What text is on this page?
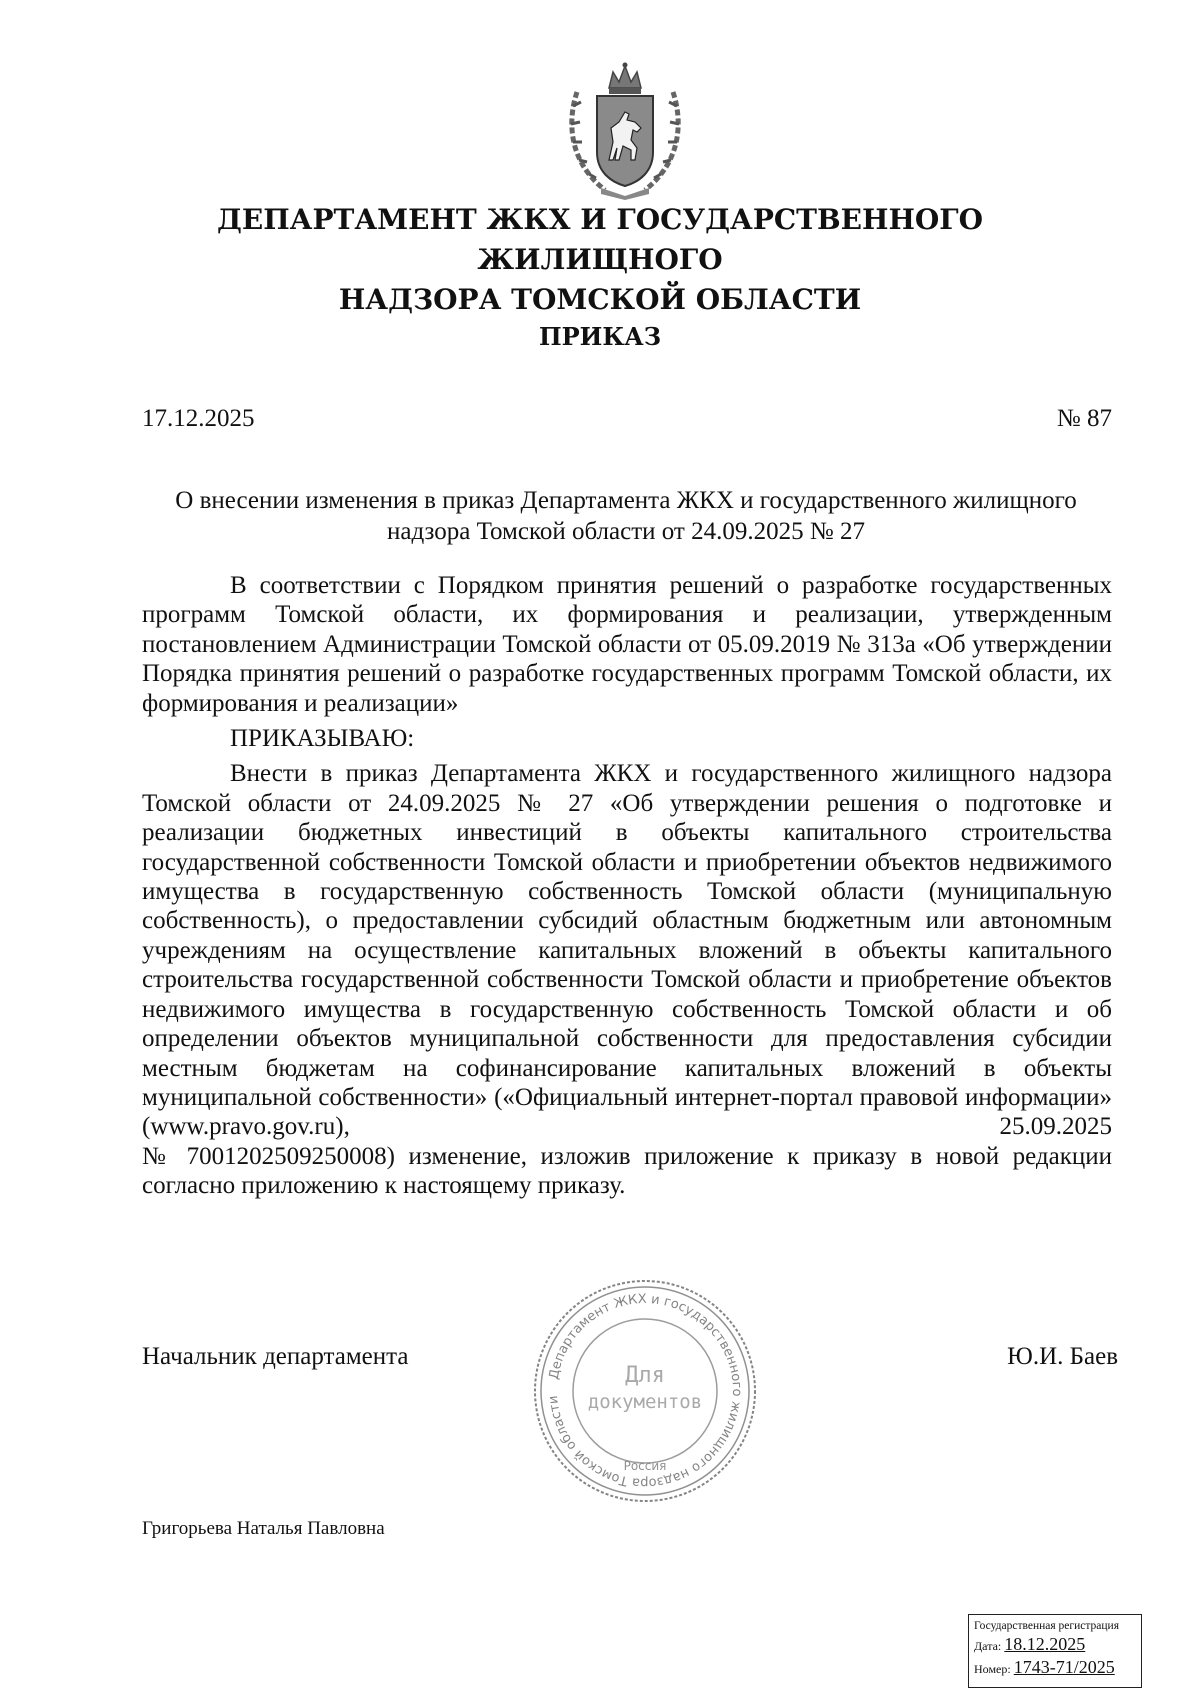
ДЕПАРТАМЕНТ ЖКХ И ГОСУДАРСТВЕННОГО ЖИЛИЩНОГО
НАДЗОРА ТОМСКОЙ ОБЛАСТИ
ПРИКАЗ
17.12.2025	№ 87
О внесении изменения в приказ Департамента ЖКХ и государственного жилищного
надзора Томской области от 24.09.2025 № 27

В соответствии с Порядком принятия решений о разработке государственных программ Томской области, их формирования и реализации, утвержденным постановлением Администрации Томской области от 05.09.2019 № 313а «Об утверждении Порядка принятия решений о разработке государственных программ Томской области, их формирования и реализации»

ПРИКАЗЫВАЮ:

Внести в приказ Департамента ЖКХ и государственного жилищного надзора Томской области от 24.09.2025 № 27 «Об утверждении решения о подготовке и реализации бюджетных инвестиций в объекты капитального строительства государственной собственности Томской области и приобретении объектов недвижимого имущества в государственную собственность Томской области (муниципальную собственность), о предоставлении субсидий областным бюджетным или автономным учреждениям на осуществление капитальных вложений в объекты капитального строительства государственной собственности Томской области и приобретение объектов недвижимого имущества в государственную собственность Томской области и об определении объектов муниципальной собственности для предоставления субсидии местным бюджетам на софинансирование капитальных вложений в объекты муниципальной собственности» («Официальный интернет-портал правовой информации» (www.pravo.gov.ru), 25.09.2025
№ 7001202509250008) изменение, изложив приложение к приказу в новой редакции согласно приложению к настоящему приказу.

Начальник департамента	Ю.И. Баев
Департамент ЖКХ и государственного жилищного надзора Томской области
Для
документов
Россия
Григорьева Наталья Павловна
Государственная регистрация
Дата: 18.12.2025
Номер: 1743-71/2025
